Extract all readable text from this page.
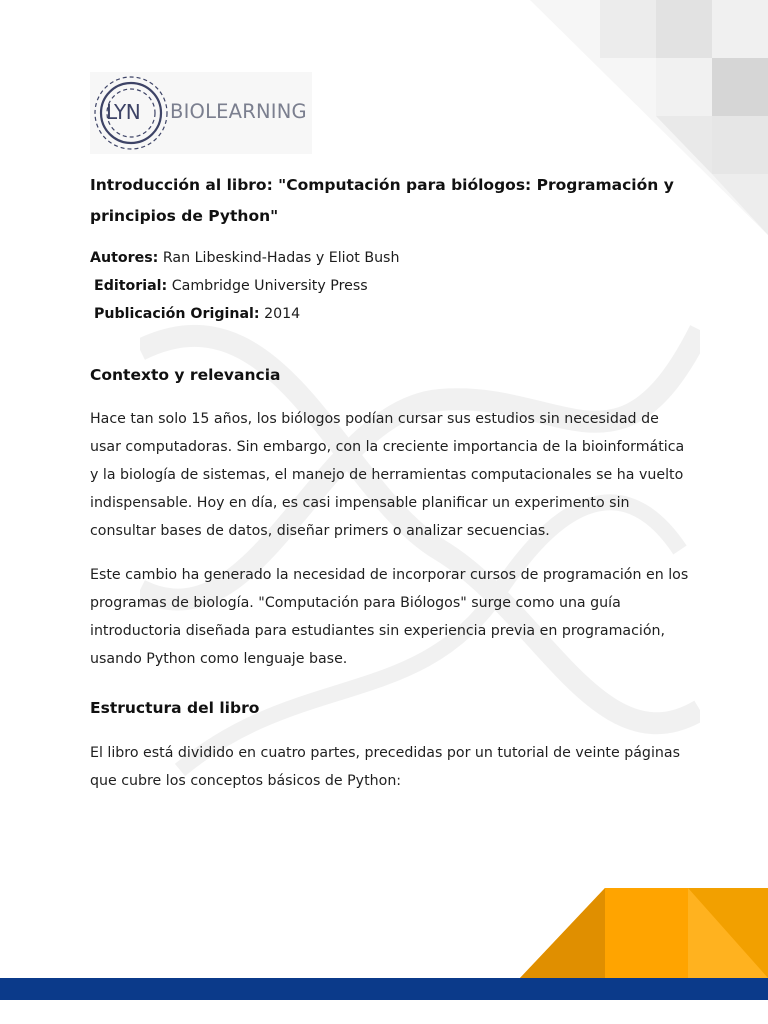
LYN BIOLEARNING
Introducción al libro: "Computación para biólogos: Programación y principios de Python"
Autores: Ran Libeskind-Hadas y Eliot Bush
Editorial: Cambridge University Press
Publicación Original: 2014
Contexto y relevancia

Hace tan solo 15 años, los biólogos podían cursar sus estudios sin necesidad de usar computadoras. Sin embargo, con la creciente importancia de la bioinformática y la biología de sistemas, el manejo de herramientas computacionales se ha vuelto indispensable. Hoy en día, es casi impensable planificar un experimento sin consultar bases de datos, diseñar primers o analizar secuencias.

Este cambio ha generado la necesidad de incorporar cursos de programación en los programas de biología. "Computación para Biólogos" surge como una guía introductoria diseñada para estudiantes sin experiencia previa en programación, usando Python como lenguaje base.

Estructura del libro

El libro está dividido en cuatro partes, precedidas por un tutorial de veinte páginas que cubre los conceptos básicos de Python:
